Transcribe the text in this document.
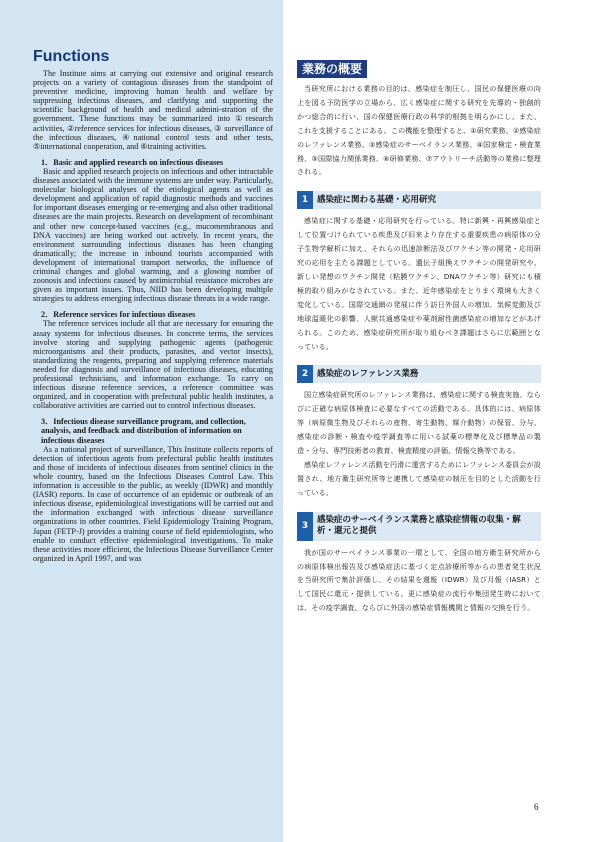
Functions

The Institute aims at carrying out extensive and original research projects on a variety of contagious diseases from the standpoint of preventive medicine, improving human health and welfare by suppressing infectious diseases, and clarifying and supporting the scientific background of health and medical admini-stration of the government. These functions may be summarized into ①research activities, ②reference services for infectious diseases, ③ surveillance of the infectious diseases, ④national control tests and other tests, ⑤international cooperation, and ⑥training activities.

1．Basic and applied research on infectious diseases

Basic and applied research projects on infectious and other intractable diseases associated with the immune systems are under way. Particularly, molecular biological analyses of the etiological agents as well as development and application of rapid diagnostic methods and vaccines for important diseases emerging or re-emerging and also other traditional diseases are the main projects. Research on development of recombinant and other new concept-based vaccines (e.g., mucomembranous and DNA vaccines) are being worked out actively. In recent years, the environment surrounding infectious diseases has been changing dramatically; the increase in inbound tourists accompanied with development of international transport networks, the influence of criminal changes and global warming, and a glowing number of zoonosis and infections caused by antimicrobial resistance microbes are given as important issues. Thus, NIID has been developing multiple strategies to address emerging infectious disease threats in a wide range.

2．Reference services for infectious diseases

The reference services include all that are necessary for ensuring the assay systems for infectious diseases. In concrete terms, the services involve storing and supplying pathogenic agents (pathogenic microorganisms and their products, parasites, and vector insects), standardizing the reagents, preparing and supplying reference materials needed for diagnosis and surveillance of infectious diseases, educating professional technicians, and information exchange. To carry on infectious disease reference services, a reference committee was organized, and in cooperation with prefectural public health institutes, a collaborative activities are carried out to control infectious diseases.

3．Infectious disease surveillance program, and collection, analysis, and feedback and distribution of information on infectious diseases

As a national project of surveillance, This Institute collects reports of detection of infectious agents from prefectural public health institutes and those of incidents of infectious diseases from sentinel clinics in the whole country, based on the Infectious Diseases Control Law. This information is accessible to the public, as weekly (IDWR) and monthly (IASR) reports. In case of occurrence of an epidemic or outbreak of an infectious disease, epidemiological investigations will be carried out and the information exchanged with infectious disease surveillance organizations in other countries. Field Epidemiology Training Program, Japan (FETP-J) provides a training course of field epidemiologists, who enable to conduct effective epidemiological investigations. To make these activities more efficient, the Infectious Disease Surveillance Center organized in April 1997, and was

業務の概要

当研究所における業務の目的は、感染症を制圧し、国民の保健医療の向上を図る予防医学の立場から、広く感染症に関する研究を先導的・独創的かつ総合的に行い、国の保健医療行政の科学的根拠を明らかにし、また、これを支援することにある。この機能を整理すると、①研究業務、②感染症のレファレンス業務、③感染症のサーベイランス業務、④国家検定・検査業務、⑤国際協力関係業務、⑥研修業務、⑦アウトリーチ活動等の業務に整理される。

1	感染症に関わる基礎・応用研究

感染症に関する基礎・応用研究を行っている。特に新興・再興感染症として位置づけられている疾患及び旧来より存在する重要疾患の病原体の分子生物学解析に加え、それらの迅速診断法及びワクチン等の開発・応用研究の応用を主たる課題としている。遺伝子組換えワクチンの開発研究や、新しい発想のワクチン開発（粘膜ワクチン、DNAワクチン等）研究にも積極的取り組みがなされている。また、近年感染症をとりまく環境も大きく変化している。国際交通網の発展に伴う訪日外国人の増加、気候変動及び地球温暖化の影響、人獣共通感染症や薬剤耐性菌感染症の増加などがあげられる。このため、感染症研究所が取り組むべき課題はさらに広範囲となっている。

2	感染症のレファレンス業務

国立感染症研究所のレファレンス業務は、感染症に関する検査実施、ならびに正確な病原体検査に必要なすべての活動である。具体的には、病原体等（病原微生物及びそれらの産物、寄生動物、媒介動物）の保管、分与、感染症の診断・検査や疫学調査等に用いる試薬の標準化及び標準品の製造・分与、専門技術者の教育、検査精度の評価、情報交換等である。

感染症レファレンス活動を円滑に運営するためにレファレンス委員会が設置され、地方衛生研究所等と連携して感染症の制圧を目的とした活動を行っている。

3
感染症のサーベイランス業務と感染症情報の収集・解析・還元と提供

我が国のサーベイランス事業の一環として、全国の地方衛生研究所からの病原体検出報告及び感染症法に基づく定点診療所等からの患者発生状況を当研究所で集計評価し、その結果を週報（IDWR）及び月報（IASR）として国民に還元・提供している。更に感染症の流行や集団発生時においては、その疫学調査、ならびに外国の感染症情報機関と情報の交換を行う。

6
